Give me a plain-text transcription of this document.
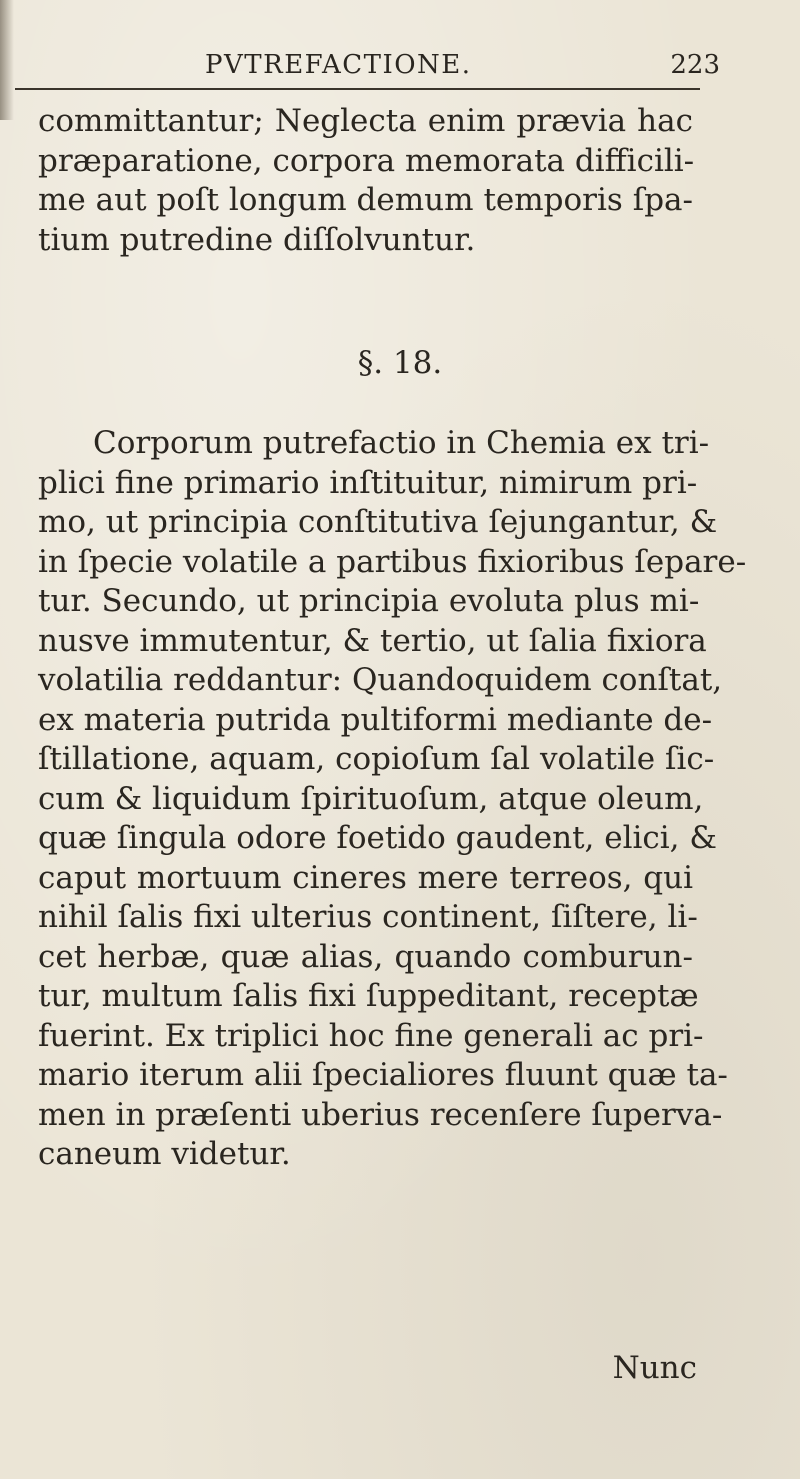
PVTREFACTIONE.	223
committantur; Neglecta enim prævia hac
præparatione, corpora memorata difficili-
me aut poſt longum demum temporis ſpa-
tium putredine diſſolvuntur.
§. 18.
Corporum putrefactio in Chemia ex tri-
plici fine primario inſtituitur, nimirum pri-
mo, ut principia conſtitutiva ſejungantur, &
in ſpecie volatile a partibus fixioribus ſepare-
tur. Secundo, ut principia evoluta plus mi-
nusve immutentur, & tertio, ut ſalia fixiora
volatilia reddantur: Quandoquidem conſtat,
ex materia putrida pultiformi mediante de-
ſtillatione, aquam, copioſum ſal volatile ſic-
cum & liquidum ſpirituoſum, atque oleum,
quæ ſingula odore foetido gaudent, elici, &
caput mortuum cineres mere terreos, qui
nihil ſalis fixi ulterius continent, ſiſtere, li-
cet herbæ, quæ alias, quando comburun-
tur, multum ſalis fixi ſuppeditant, receptæ
fuerint. Ex triplici hoc fine generali ac pri-
mario iterum alii ſpecialiores fluunt quæ ta-
men in præſenti uberius recenſere ſuperva-
caneum videtur.
Nunc
